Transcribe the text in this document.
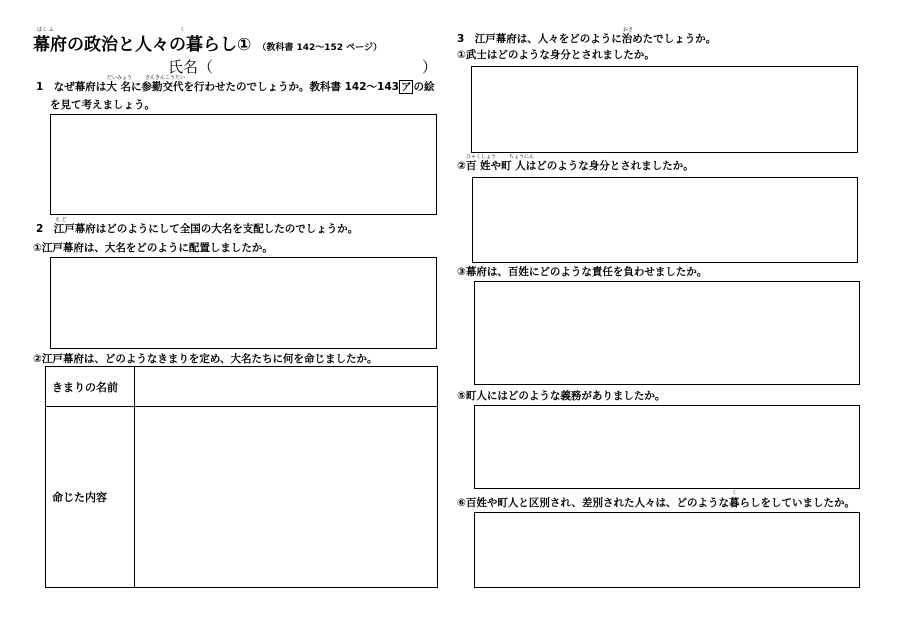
ばく ふ	く
幕府の政治と人々の暮らし① （教科書 142～152 ページ）
氏名（	）
だいみょう	さんきんこうたい
1　なぜ幕府は大 名に参勤交代を行わせたのでしょうか。教科書 142～143 ア の絵
を見て考えましょう。
え ど
2　江戸幕府はどのようにして全国の大名を支配したのでしょうか。
①江戸幕府は、大名をどのように配置しましたか。
②江戸幕府は、どのようなきまりを定め、大名たちに何を命じましたか。
きまりの名前	
命じた内容	
おさ
3　江戸幕府は、人々をどのように治めたでしょうか。
①武士はどのような身分とされましたか。
ひゃくしょう	ちょうにん
②百 姓や町 人はどのような身分とされましたか。
③幕府は、百姓にどのような責任を負わせましたか。
⑤町人にはどのような義務がありましたか。
く
⑥百姓や町人と区別され、差別された人々は、どのような暮らしをしていましたか。
